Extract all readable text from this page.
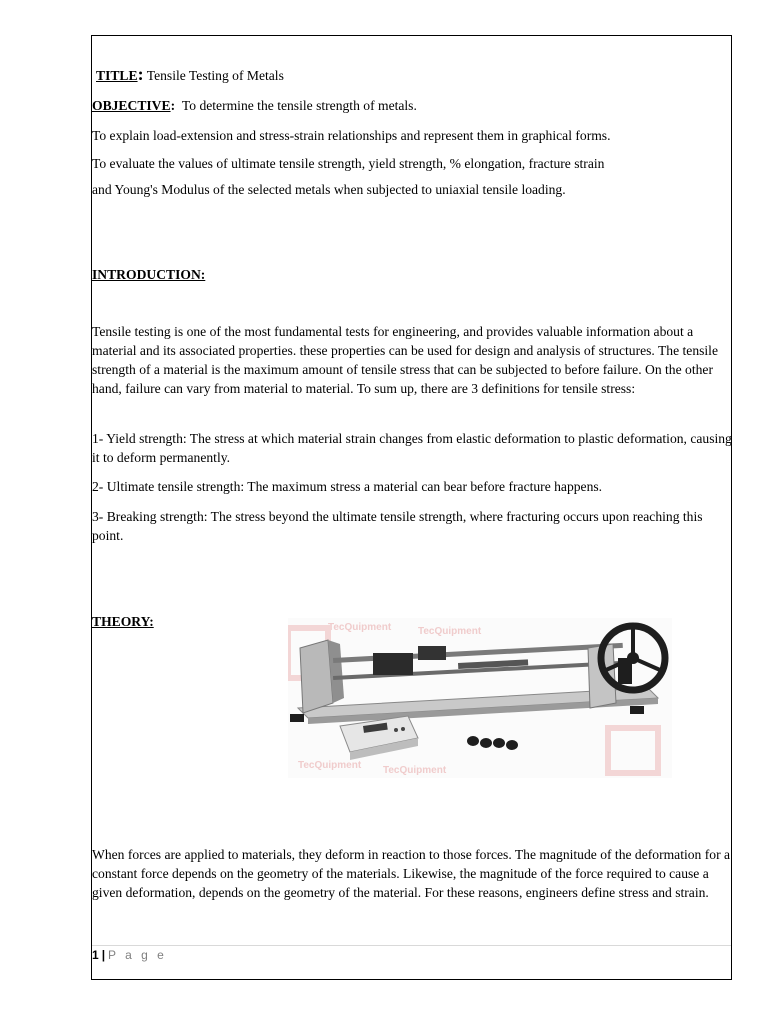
TITLE: Tensile Testing of Metals
OBJECTIVE: To determine the tensile strength of metals.
To explain load-extension and stress-strain relationships and represent them in graphical forms.
To evaluate the values of ultimate tensile strength, yield strength, % elongation, fracture strain
and Young's Modulus of the selected metals when subjected to uniaxial tensile loading.
INTRODUCTION:

Tensile testing is one of the most fundamental tests for engineering, and provides valuable information about a material and its associated properties. these properties can be used for design and analysis of structures. The tensile strength of a material is the maximum amount of tensile stress that can be subjected to before failure. On the other hand, failure can vary from material to material. To sum up, there are 3 definitions for tensile stress:

1- Yield strength: The stress at which material strain changes from elastic deformation to plastic deformation, causing it to deform permanently.

2- Ultimate tensile strength: The maximum stress a material can bear before fracture happens.

3- Breaking strength: The stress beyond the ultimate tensile strength, where fracturing occurs upon reaching this point.

THEORY:	TecQuipment	TecQuipment
TecQuipment TecQuipment

When forces are applied to materials, they deform in reaction to those forces. The magnitude of the deformation for a constant force depends on the geometry of the materials. Likewise, the magnitude of the force required to cause a given deformation, depends on the geometry of the material. For these reasons, engineers define stress and strain.

1 | P a g e
